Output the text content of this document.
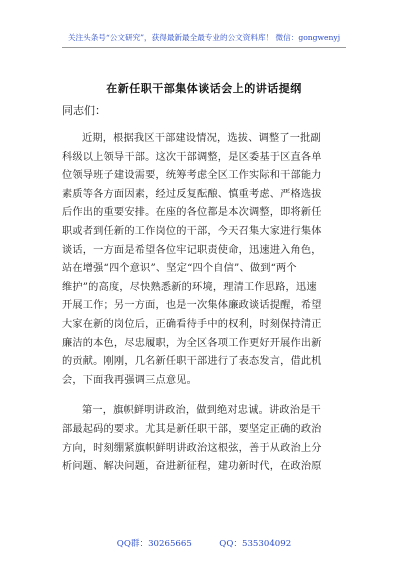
关注头条号“公文研究”，获得最新最全最专业的公文资料库！ 微信：gongwenyj
在新任职干部集体谈话会上的讲话提纲
同志们：
近期，根据我区干部建设情况，选拔、调整了一批副
科级以上领导干部。这次干部调整，是区委基于区直各单
位领导班子建设需要，统筹考虑全区工作实际和干部能力
素质等各方面因素，经过反复酝酿、慎重考虑、严格选拔
后作出的重要安排。在座的各位都是本次调整，即将新任
职或者到任新的工作岗位的干部，今天召集大家进行集体
谈话，一方面是希望各位牢记职责使命，迅速进入角色，
站在增强“四个意识”、坚定“四个自信”、做到“两个
维护”的高度，尽快熟悉新的环境，理清工作思路，迅速
开展工作；另一方面，也是一次集体廉政谈话提醒，希望
大家在新的岗位后，正确看待手中的权利，时刻保持清正
廉洁的本色，尽忠履职，为全区各项工作更好开展作出新
的贡献。刚刚，几名新任职干部进行了表态发言，借此机
会，下面我再强调三点意见。
第一，旗帜鲜明讲政治，做到绝对忠诚。讲政治是干
部最起码的要求。尤其是新任职干部，要坚定正确的政治
方向，时刻绷紧旗帜鲜明讲政治这根弦，善于从政治上分
析问题、解决问题，奋进新征程，建功新时代，在政治原
QQ群：30265665	QQ：535304092
